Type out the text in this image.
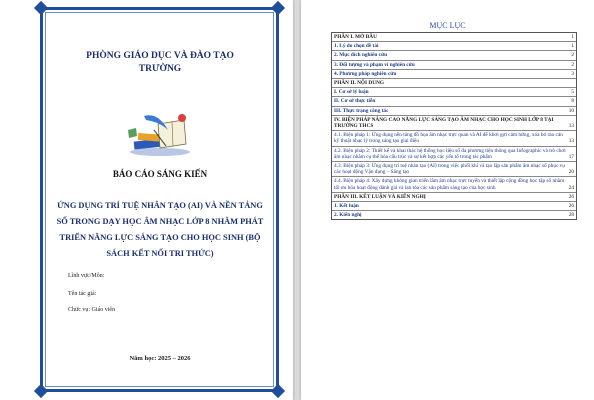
PHÒNG GIÁO DỤC VÀ ĐÀO TẠO
TRƯỜNG
BÁO CÁO SÁNG KIẾN
ỨNG DỤNG TRÍ TUỆ NHÂN TẠO (AI) VÀ NỀN TẢNG SỐ TRONG DẠY HỌC ÂM NHẠC LỚP 8 NHẰM PHÁT TRIỂN NĂNG LỰC SÁNG TẠO CHO HỌC SINH (BỘ SÁCH KẾT NỐI TRI THỨC)
Lĩnh vực/Môn:
Tên tác giả:
Chức vụ: Giáo viên
Năm học: 2025 – 2026
MỤC LỤC
PHẦN I. MỞ ĐẦU	1
1. Lý do chọn đề tài	1
2. Mục đích nghiên cứu	2
3. Đối tượng và phạm vi nghiên cứu	2
4. Phương pháp nghiên cứu	3
PHẦN II. NỘI DUNG
I. Cơ sở lý luận	5
II. Cơ sở thực tiễn	8
III. Thực trạng công tác	10
IV. BIỆN PHÁP NÂNG CAO NĂNG LỰC SÁNG TẠO ÂM NHẠC CHO HỌC SINH LỚP 8 TẠI TRƯỜNG THCS	13
4.1. Biện pháp 1: Ứng dụng nền tảng đồ họa âm nhạc trực quan và AI để khơi gợi cảm hứng, xóa bỏ rào cản kỹ thuật nhạc lý trong sáng tạo giai điệu	13
4.2. Biện pháp 2: Thiết kế và khai thác hệ thống học liệu số đa phương tiện thông qua Infographic và trò chơi âm nhạc nhằm cụ thể hóa cấu trúc và sự kết hợp các yếu tố trong tác phẩm	17
4.3. Biện pháp 3: Ứng dụng trí tuệ nhân tạo (AI) trong việc phối khí và tạo lập sản phẩm âm nhạc số phục vụ các hoạt động Vận dụng – Sáng tạo	20
4.4. Biện pháp 4: Xây dựng không gian triển lãm âm nhạc trực tuyến và thiết lập cộng đồng học tập số nhằm tối ưu hóa hoạt động đánh giá và lan tỏa các sản phẩm sáng tạo của học sinh	24
PHẦN III. KẾT LUẬN VÀ KIẾN NGHỊ	26
1. Kết luận	26
2. Kiến nghị	28
